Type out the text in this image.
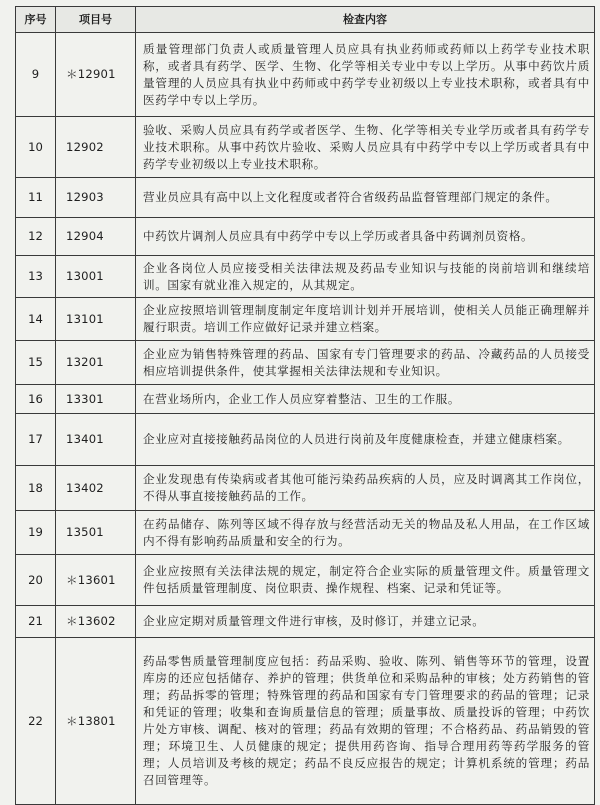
序号	项目号	检查内容
9	＊12901	质量管理部门负责人或质量管理人员应具有执业药师或药师以上药学专业技术职称，或者具有药学、医学、生物、化学等相关专业中专以上学历。从事中药饮片质量管理的人员应具有执业中药师或中药学专业初级以上专业技术职称，或者具有中医药学中专以上学历。
10	12902	验收、采购人员应具有药学或者医学、生物、化学等相关专业学历或者具有药学专业技术职称。从事中药饮片验收、采购人员应具有中药学中专以上学历或者具有中药学专业初级以上专业技术职称。
11	12903	营业员应具有高中以上文化程度或者符合省级药品监督管理部门规定的条件。
12	12904	中药饮片调剂人员应具有中药学中专以上学历或者具备中药调剂员资格。
13	13001	企业各岗位人员应接受相关法律法规及药品专业知识与技能的岗前培训和继续培训。国家有就业准入规定的，从其规定。
14	13101	企业应按照培训管理制度制定年度培训计划并开展培训，使相关人员能正确理解并履行职责。培训工作应做好记录并建立档案。
15	13201	企业应为销售特殊管理的药品、国家有专门管理要求的药品、冷藏药品的人员接受相应培训提供条件，使其掌握相关法律法规和专业知识。
16	13301	在营业场所内，企业工作人员应穿着整洁、卫生的工作服。
17	13401	企业应对直接接触药品岗位的人员进行岗前及年度健康检查，并建立健康档案。
18	13402	企业发现患有传染病或者其他可能污染药品疾病的人员，应及时调离其工作岗位，不得从事直接接触药品的工作。
19	13501	在药品储存、陈列等区域不得存放与经营活动无关的物品及私人用品，在工作区域内不得有影响药品质量和安全的行为。
20	＊13601	企业应按照有关法律法规的规定，制定符合企业实际的质量管理文件。质量管理文件包括质量管理制度、岗位职责、操作规程、档案、记录和凭证等。
21	＊13602	企业应定期对质量管理文件进行审核，及时修订，并建立记录。
22	＊13801	药品零售质量管理制度应包括：药品采购、验收、陈列、销售等环节的管理，设置库房的还应包括储存、养护的管理；供货单位和采购品种的审核；处方药销售的管理；药品拆零的管理；特殊管理的药品和国家有专门管理要求的药品的管理；记录和凭证的管理；收集和查询质量信息的管理；质量事故、质量投诉的管理；中药饮片处方审核、调配、核对的管理；药品有效期的管理；不合格药品、药品销毁的管理；环境卫生、人员健康的规定；提供用药咨询、指导合理用药等药学服务的管理；人员培训及考核的规定；药品不良反应报告的规定；计算机系统的管理；药品召回管理等。
